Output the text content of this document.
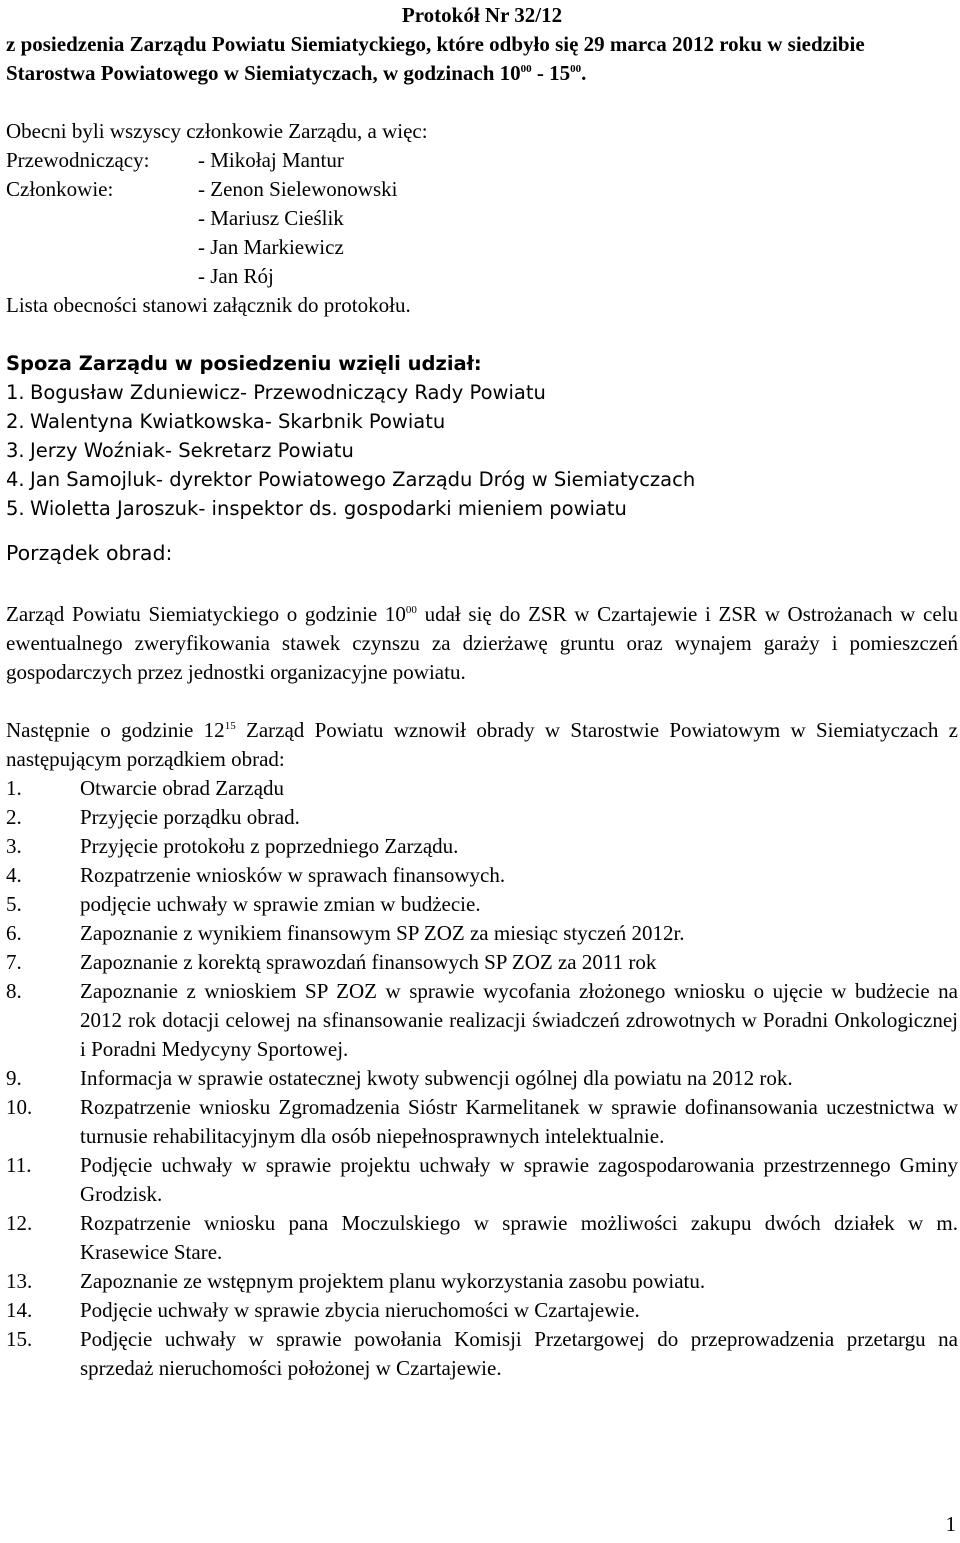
Protokół Nr 32/12

z posiedzenia Zarządu Powiatu Siemiatyckiego, które odbyło się 29 marca 2012 roku w siedzibie Starostwa Powiatowego w Siemiatyczach, w godzinach $10^{00} - 15^{00}$.

Obecni byli wszyscy członkowie Zarządu, a więc:

Przewodniczący:	- Mikołaj Mantur
Członkowie:	- Zenon Sielewonowski

- Mariusz Cieślik

- Jan Markiewicz

- Jan Rój

Lista obecności stanowi załącznik do protokołu.

Spoza Zarządu w posiedzeniu wzięli udział:

1. Bogusław Zduniewicz- Przewodniczący Rady Powiatu
2. Walentyna Kwiatkowska- Skarbnik Powiatu
3. Jerzy Woźniak- Sekretarz Powiatu
4. Jan Samojluk- dyrektor Powiatowego Zarządu Dróg w Siemiatyczach
5. Wioletta Jaroszuk- inspektor ds. gospodarki mieniem powiatu

Porządek obrad:

Zarząd Powiatu Siemiatyckiego o godzinie $10^{00}$ udał się do ZSR w Czartajewie i ZSR w Ostrożanach w celu ewentualnego zweryfikowania stawek czynszu za dzierżawę gruntu oraz wynajem garaży i pomieszczeń gospodarczych przez jednostki organizacyjne powiatu.

Następnie o godzinie $12^{15}$ Zarząd Powiatu wznowił obrady w Starostwie Powiatowym w Siemiatyczach z następującym porządkiem obrad:

1.	Otwarcie obrad Zarządu
2.	Przyjęcie porządku obrad.
3.	Przyjęcie protokołu z poprzedniego Zarządu.
4.	Rozpatrzenie wniosków w sprawach finansowych.
5.	podjęcie uchwały w sprawie zmian w budżecie.
6.	Zapoznanie z wynikiem finansowym SP ZOZ za miesiąc styczeń 2012r.
7.	Zapoznanie z korektą sprawozdań finansowych SP ZOZ za 2011 rok
8.	Zapoznanie z wnioskiem SP ZOZ w sprawie wycofania złożonego wniosku o ujęcie w budżecie na 2012 rok dotacji celowej na sfinansowanie realizacji świadczeń zdrowotnych w Poradni Onkologicznej i Poradni Medycyny Sportowej.
9.	Informacja w sprawie ostatecznej kwoty subwencji ogólnej dla powiatu na 2012 rok.
10.	Rozpatrzenie wniosku Zgromadzenia Sióstr Karmelitanek w sprawie dofinansowania uczestnictwa w turnusie rehabilitacyjnym dla osób niepełnosprawnych intelektualnie.
11.	Podjęcie uchwały w sprawie projektu uchwały w sprawie zagospodarowania przestrzennego Gminy Grodzisk.
12.	Rozpatrzenie wniosku pana Moczulskiego w sprawie możliwości zakupu dwóch działek w m. Krasewice Stare.
13.	Zapoznanie ze wstępnym projektem planu wykorzystania zasobu powiatu.
14.	Podjęcie uchwały w sprawie zbycia nieruchomości w Czartajewie.
15.	Podjęcie uchwały w sprawie powołania Komisji Przetargowej do przeprowadzenia przetargu na sprzedaż nieruchomości położonej w Czartajewie.
1
